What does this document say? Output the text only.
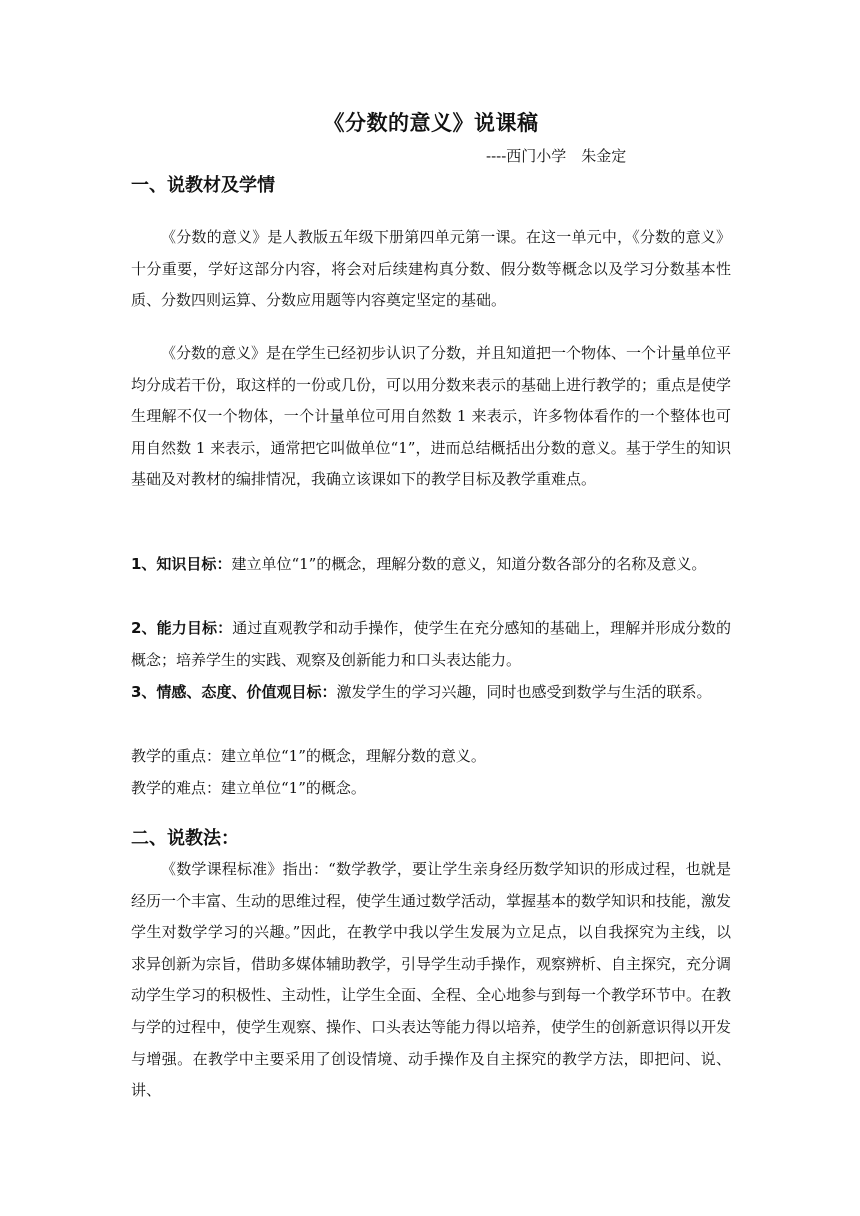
《分数的意义》说课稿
----西门小学　朱金定
一、说教材及学情

《分数的意义》是人教版五年级下册第四单元第一课。在这一单元中，《分数的意义》十分重要，学好这部分内容，将会对后续建构真分数、假分数等概念以及学习分数基本性质、分数四则运算、分数应用题等内容奠定坚定的基础。

《分数的意义》是在学生已经初步认识了分数，并且知道把一个物体、一个计量单位平均分成若干份，取这样的一份或几份，可以用分数来表示的基础上进行教学的；重点是使学生理解不仅一个物体，一个计量单位可用自然数 1 来表示，许多物体看作的一个整体也可用自然数 1 来表示，通常把它叫做单位“1”，进而总结概括出分数的意义。基于学生的知识基础及对教材的编排情况，我确立该课如下的教学目标及教学重难点。

1、知识目标：建立单位“1”的概念，理解分数的意义，知道分数各部分的名称及意义。

2、能力目标：通过直观教学和动手操作，使学生在充分感知的基础上，理解并形成分数的概念；培养学生的实践、观察及创新能力和口头表达能力。

3、情感、态度、价值观目标：激发学生的学习兴趣，同时也感受到数学与生活的联系。

教学的重点：建立单位“1”的概念，理解分数的意义。

教学的难点：建立单位“1”的概念。

二、说教法：

《数学课程标准》指出：“数学教学，要让学生亲身经历数学知识的形成过程，也就是经历一个丰富、生动的思维过程，使学生通过数学活动，掌握基本的数学知识和技能，激发学生对数学学习的兴趣。”因此，在教学中我以学生发展为立足点，以自我探究为主线，以求异创新为宗旨，借助多媒体辅助教学，引导学生动手操作，观察辨析、自主探究，充分调动学生学习的积极性、主动性，让学生全面、全程、全心地参与到每一个教学环节中。在教与学的过程中，使学生观察、操作、口头表达等能力得以培养，使学生的创新意识得以开发与增强。在教学中主要采用了创设情境、动手操作及自主探究的教学方法，即把问、说、讲、
